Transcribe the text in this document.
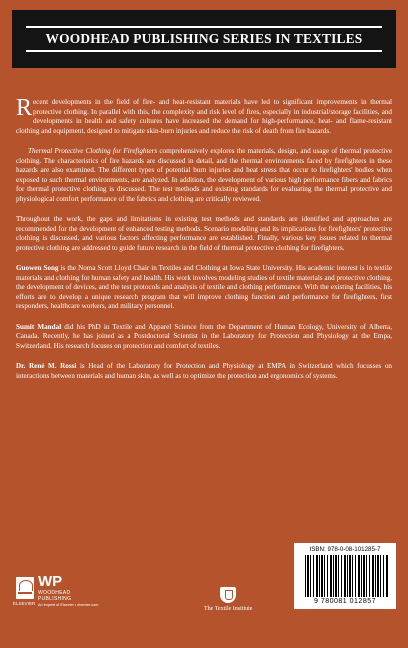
WOODHEAD PUBLISHING SERIES IN TEXTILES

Recent developments in the field of fire- and heat-resistant materials have led to significant improvements in thermal protective clothing. In parallel with this, the complexity and risk level of fires, especially in industrial/storage facilities, and developments in health and safety cultures have increased the demand for high-performance, heat- and flame-resistant clothing and equipment, designed to mitigate skin-burn injuries and reduce the risk of death from fire hazards.

Thermal Protective Clothing for Firefighters comprehensively explores the materials, design, and usage of thermal protective clothing. The characteristics of fire hazards are discussed in detail, and the thermal environments faced by firefighters in these hazards are also examined. The different types of potential burn injuries and heat stress that occur to firefighters' bodies when exposed to such thermal environments, are analyzed. In addition, the development of various high performance fibers and fabrics for thermal protective clothing is discussed. The test methods and existing standards for evaluating the thermal protective and physiological comfort performance of the fabrics and clothing are critically reviewed.

Throughout the work, the gaps and limitations in existing test methods and standards are identified and approaches are recommended for the development of enhanced testing methods. Scenario modeling and its implications for firefighters' protective clothing is discussed, and various factors affecting performance are established. Finally, various key issues related to thermal protective clothing are addressed to guide future research in the field of thermal protective clothing for firefighters.

Guowen Song is the Noma Scott Lloyd Chair in Textiles and Clothing at Iowa State University. His academic interest is in textile materials and clothing for human safety and health. His work involves modeling studies of textile materials and protective clothing, the development of devices, and the test protocols and analysis of textile and clothing performance. With the existing facilities, his efforts are to develop a unique research program that will improve clothing function and performance for firefighters, first responders, healthcare workers, and military personnel.

Sumit Mandal did his PhD in Textile and Apparel Science from the Department of Human Ecology, University of Alberta, Canada. Recently, he has joined as a Postdoctoral Scientist in the Laboratory for Protection and Physiology at the Empa, Switzerland. His research focuses on protection and comfort of textiles.

Dr. René M. Rossi is Head of the Laboratory for Protection and Physiology at EMPA in Switzerland which focusses on interactions between materials and human skin, as well as to optimize the protection and ergonomics of systems.

ELSEVIER
WP
WOODHEAD
PUBLISHING
An imprint of Elsevier • elsevier.com
The Textile Institute
ISBN: 978-0-08-101285-7
9 780081 012857
